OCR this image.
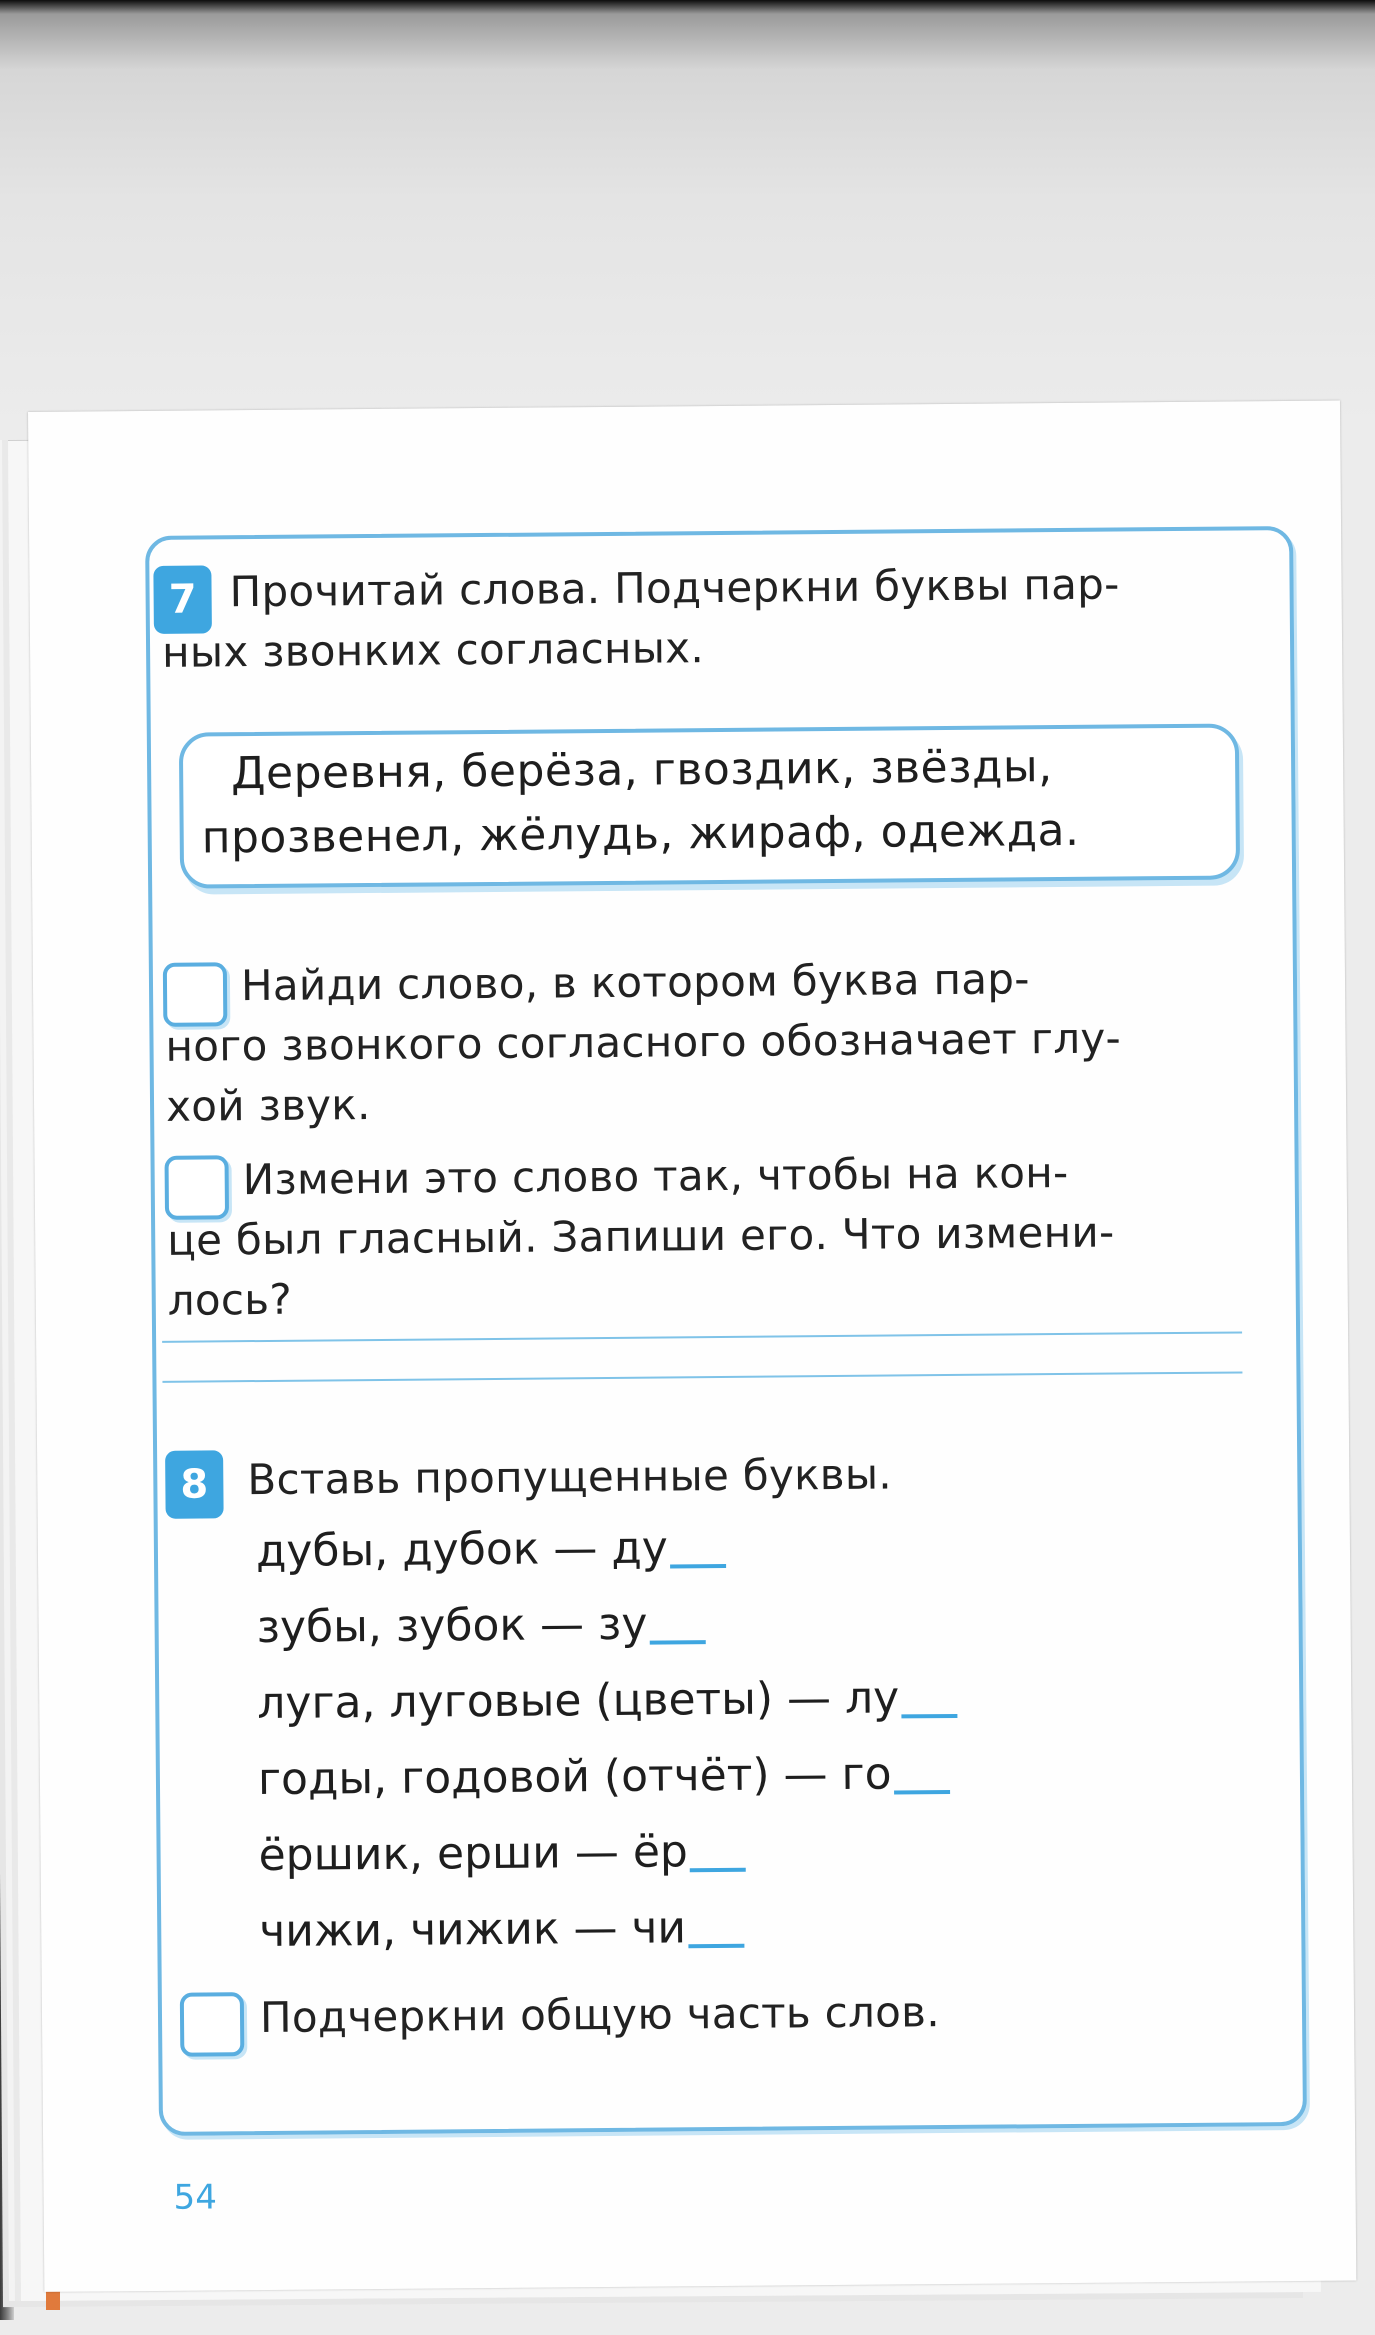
7 Прочитай слова. Подчеркни буквы пар-
ных звонких согласных.
Деревня, берёза, гвоздик, звёзды,
прозвенел, жёлудь, жираф, одежда.
Найди слово, в котором буква пар-
ного звонкого согласного обозначает глу-
хой звук.
Измени это слово так, чтобы на кон-
це был гласный. Запиши его. Что измени-
лось?
8 Вставь пропущенные буквы.
дубы, дубок — ду
зубы, зубок — зу
луга, луговые (цветы) — лу
годы, годовой (отчёт) — го
ёршик, ерши — ёр
чижи, чижик — чи
Подчеркни общую часть слов.
54
